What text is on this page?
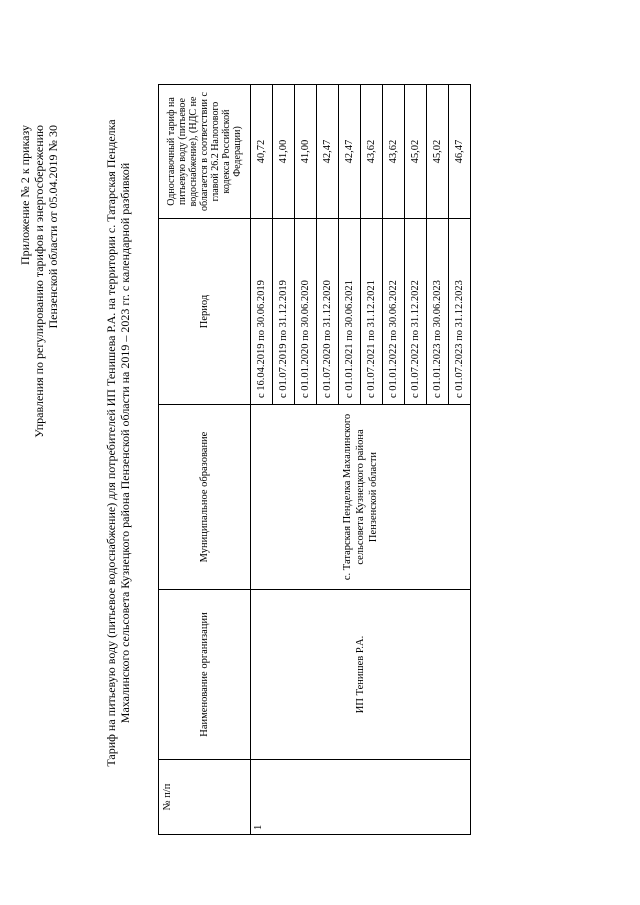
Приложение № 2 к приказу Управления по регулированию тарифов и энергосбережению Пензенской области от 05.04.2019 № 30	Тариф на питьевую воду (питьевое водоснабжение) для потребителей ИП Тенишева Р.А. на территории с. Татарская Пенделка Махалинского сельсовета Кузнецкого района Пензенской области на 2019 – 2023 гг. с календарной разбивкой
№ п/п	Наименование организации	Муниципальное образование	Период	Одноставочный тариф на питьевую воду (питьевое водоснабжение), (НДС не облагается в соответствии с главой 26.2 Налогового кодекса Российской Федерации)
1	ИП Тенишев Р.А.	с. Татарская Пенделка Махалинского сельсовета Кузнецкого района Пензенской области	с 16.04.2019 по 30.06.2019	40,72
			с 01.07.2019 по 31.12.2019	41,00
			с 01.01.2020 по 30.06.2020	41,00
			с 01.07.2020 по 31.12.2020	42,47
			с 01.01.2021 по 30.06.2021	42,47
			с 01.07.2021 по 31.12.2021	43,62
			с 01.01.2022 по 30.06.2022	43,62
			с 01.07.2022 по 31.12.2022	45,02
			с 01.01.2023 по 30.06.2023	45,02
			с 01.07.2023 по 31.12.2023	46,47
